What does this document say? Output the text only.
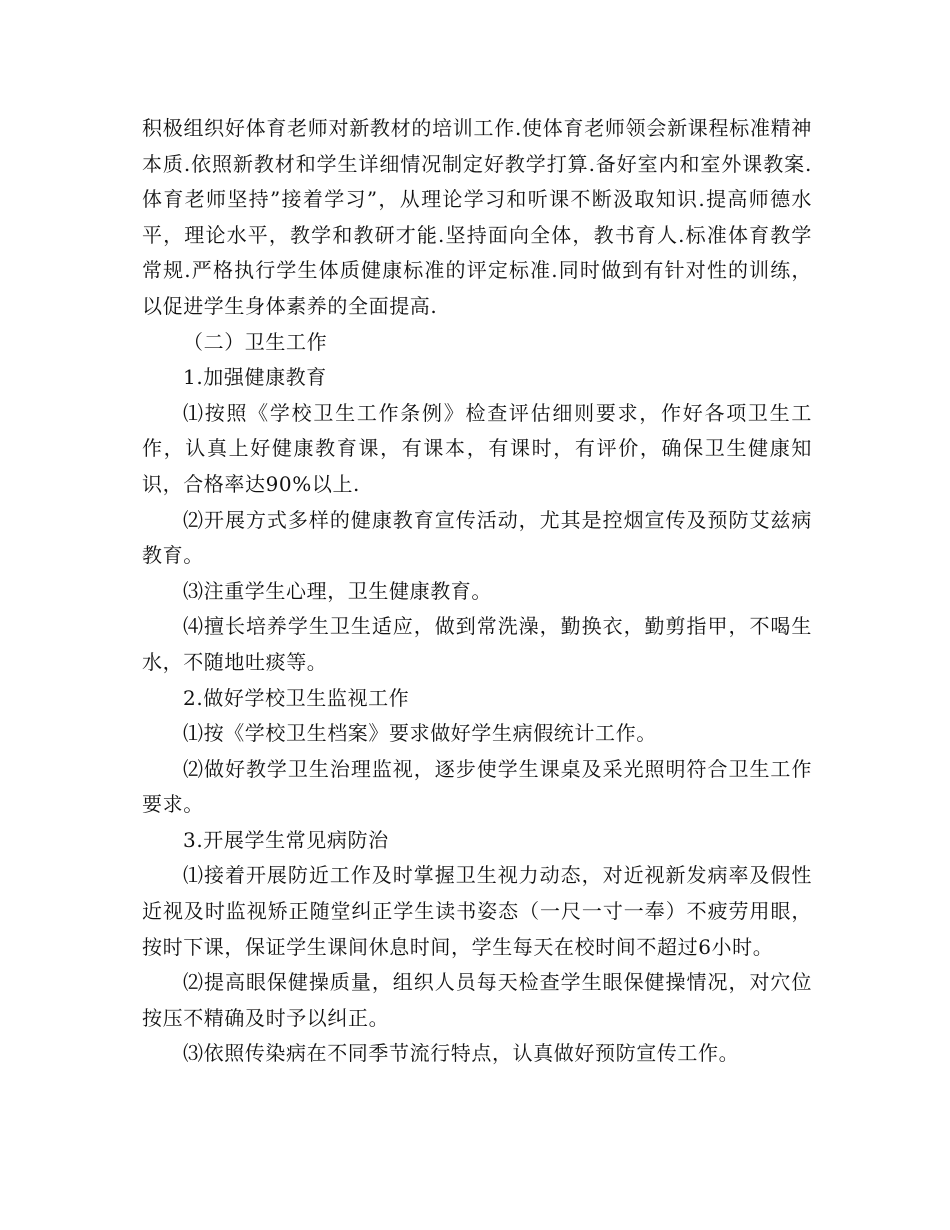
积极组织好体育老师对新教材的培训工作.使体育老师领会新课程标准精神本质.依照新教材和学生详细情况制定好教学打算.备好室内和室外课教案.体育老师坚持”接着学习”，从理论学习和听课不断汲取知识.提高师德水平，理论水平，教学和教研才能.坚持面向全体，教书育人.标准体育教学常规.严格执行学生体质健康标准的评定标准.同时做到有针对性的训练，以促进学生身体素养的全面提高.

（二）卫生工作

1.加强健康教育

⑴按照《学校卫生工作条例》检查评估细则要求，作好各项卫生工作，认真上好健康教育课，有课本，有课时，有评价，确保卫生健康知识，合格率达90%以上.

⑵开展方式多样的健康教育宣传活动，尤其是控烟宣传及预防艾兹病教育。

⑶注重学生心理，卫生健康教育。

⑷擅长培养学生卫生适应，做到常洗澡，勤换衣，勤剪指甲，不喝生水，不随地吐痰等。

2.做好学校卫生监视工作

⑴按《学校卫生档案》要求做好学生病假统计工作。

⑵做好教学卫生治理监视，逐步使学生课桌及采光照明符合卫生工作要求。

3.开展学生常见病防治

⑴接着开展防近工作及时掌握卫生视力动态，对近视新发病率及假性近视及时监视矫正随堂纠正学生读书姿态（一尺一寸一奉）不疲劳用眼，按时下课，保证学生课间休息时间，学生每天在校时间不超过6小时。

⑵提高眼保健操质量，组织人员每天检查学生眼保健操情况，对穴位按压不精确及时予以纠正。

⑶依照传染病在不同季节流行特点，认真做好预防宣传工作。
